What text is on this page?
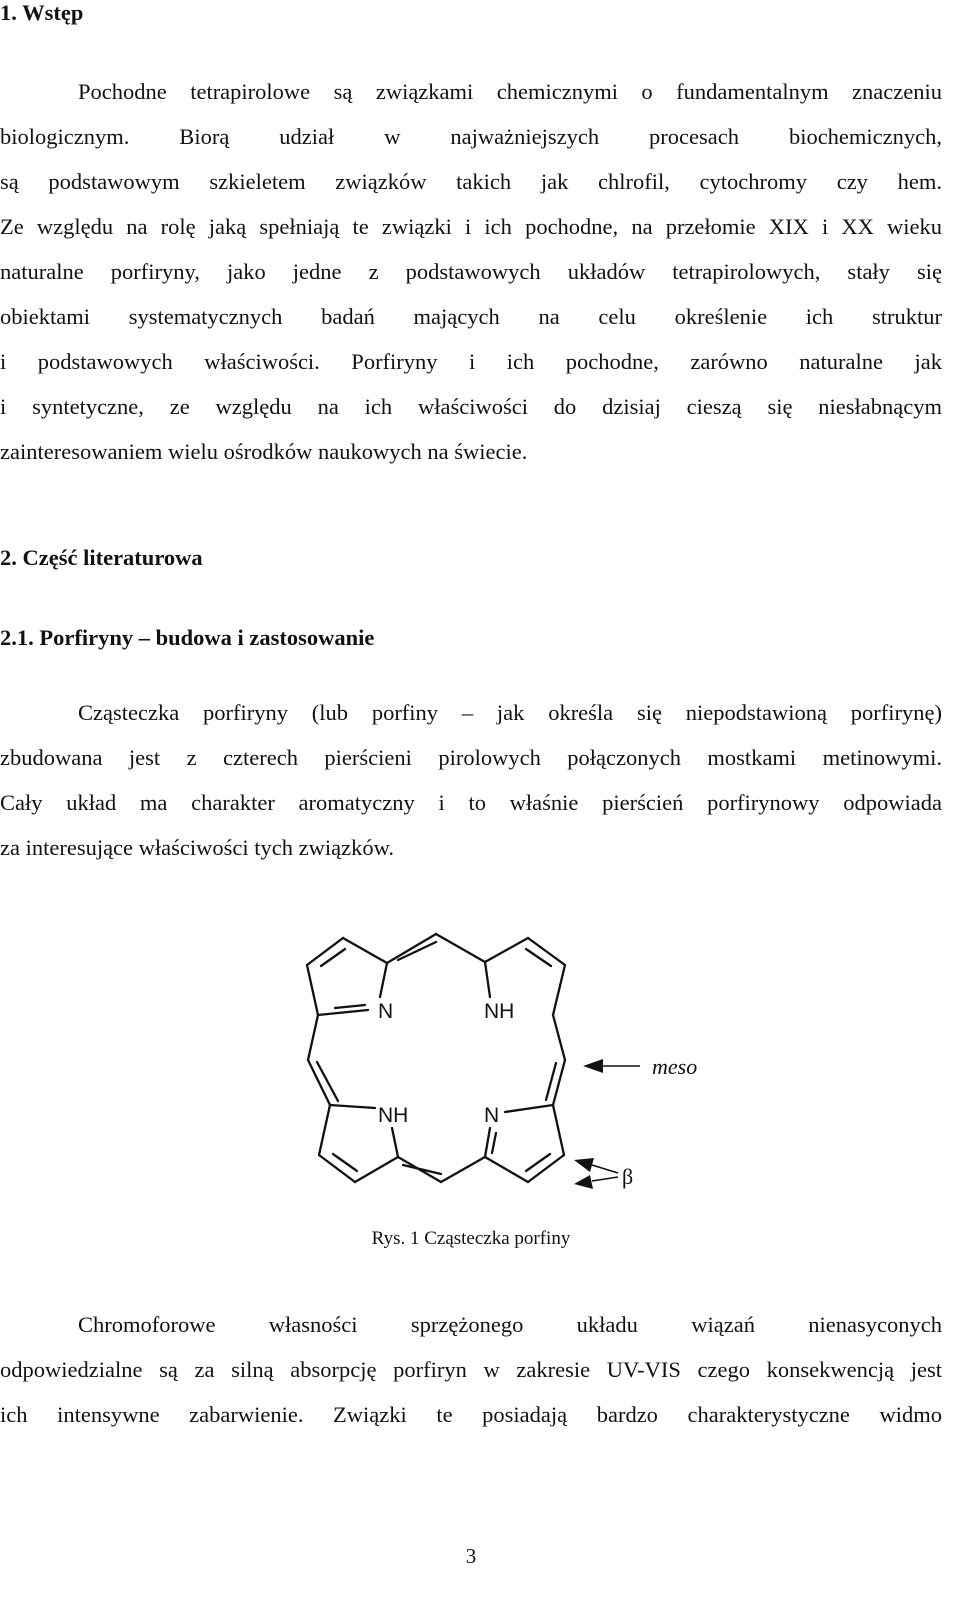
1. Wstęp
Pochodne tetrapirolowe są związkami chemicznymi o fundamentalnym znaczeniu
biologicznym. Biorą udział w najważniejszych procesach biochemicznych,
są podstawowym szkieletem związków takich jak chlrofil, cytochromy czy hem.
Ze względu na rolę jaką spełniają te związki i ich pochodne, na przełomie XIX i XX wieku
naturalne porfiryny, jako jedne z podstawowych układów tetrapirolowych, stały się
obiektami systematycznych badań mających na celu określenie ich struktur
i podstawowych właściwości. Porfiryny i ich pochodne, zarówno naturalne jak
i syntetyczne, ze względu na ich właściwości do dzisiaj cieszą się niesłabnącym
zainteresowaniem wielu ośrodków naukowych na świecie.
2. Część literaturowa
2.1. Porfiryny – budowa i zastosowanie
Cząsteczka porfiryny (lub porfiny – jak określa się niepodstawioną porfirynę)
zbudowana jest z czterech pierścieni pirolowych połączonych mostkami metinowymi.
Cały układ ma charakter aromatyczny i to właśnie pierścień porfirynowy odpowiada
za interesujące właściwości tych związków.
N	NH
NH	N
meso
β
Rys. 1 Cząsteczka porfiny
Chromoforowe własności sprzężonego układu wiązań nienasyconych
odpowiedzialne są za silną absorpcję porfiryn w zakresie UV-VIS czego konsekwencją jest
ich intensywne zabarwienie. Związki te posiadają bardzo charakterystyczne widmo
3
